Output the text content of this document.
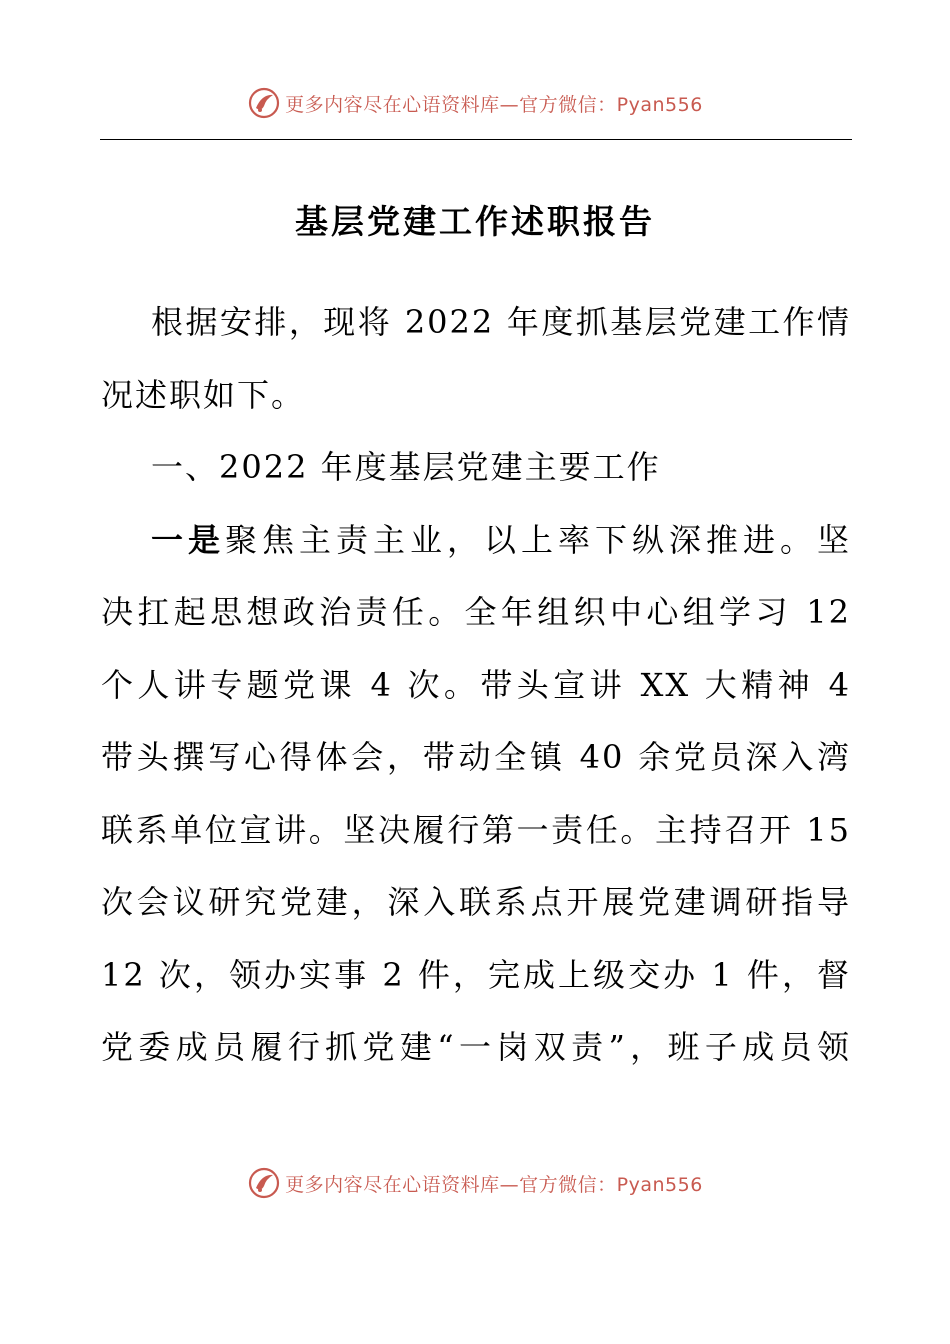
更多内容尽在心语资料库—官方微信：Pyan556
基层党建工作述职报告
根据安排，现将 2022 年度抓基层党建工作情
况述职如下。
一、2022 年度基层党建主要工作
一是聚焦主责主业，以上率下纵深推进。坚
决扛起思想政治责任。全年组织中心组学习 12
个人讲专题党课 4 次。带头宣讲 XX 大精神 4
带头撰写心得体会，带动全镇 40 余党员深入湾
联系单位宣讲。坚决履行第一责任。主持召开 15
次会议研究党建，深入联系点开展党建调研指导
12 次，领办实事 2 件，完成上级交办 1 件，督
党委成员履行抓党建“一岗双责”，班子成员领
更多内容尽在心语资料库—官方微信：Pyan556
